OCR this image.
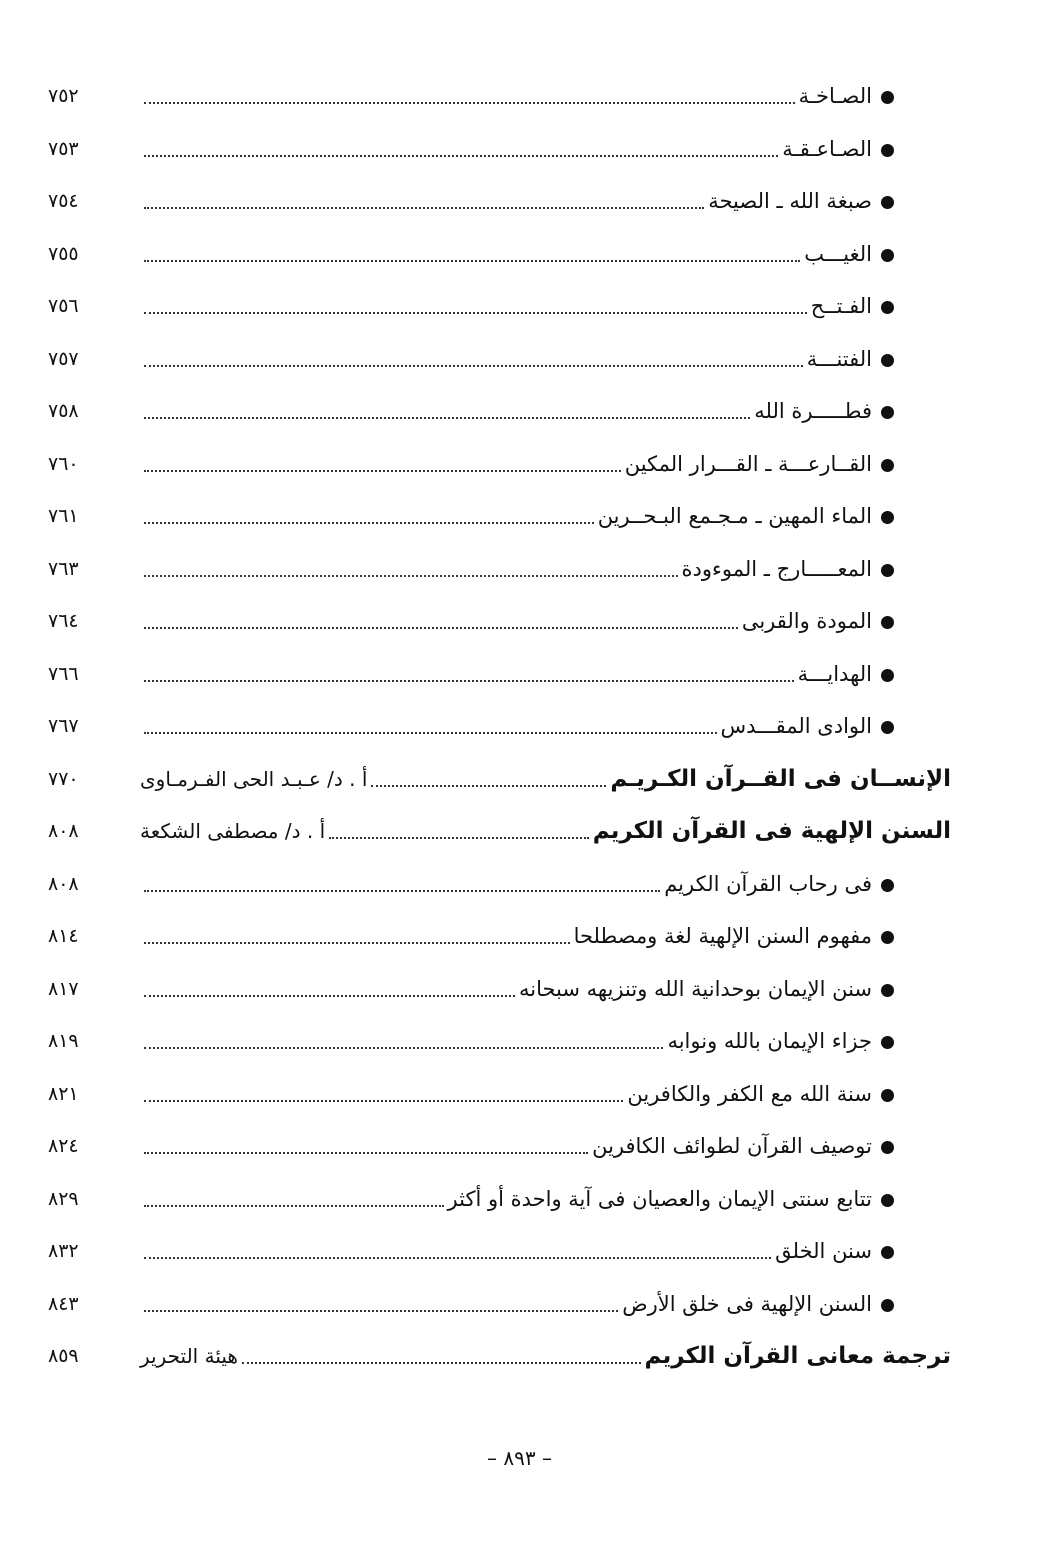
الصـاخـة
٧٥٢
الصـاعـقـة
٧٥٣
صبغة الله ـ الصيحة
٧٥٤
الغيـــب
٧٥٥
الفـتــح
٧٥٦
الفتنـــة
٧٥٧
فطـــــرة الله
٧٥٨
القــارعـــة ـ القـــرار المكين
٧٦٠
الماء المهين ـ مـجـمع البـحــرين
٧٦١
المعـــــارج ـ الموءودة
٧٦٣
المودة والقربى
٧٦٤
الهدايـــة
٧٦٦
الوادى المقـــدس
٧٦٧
الإنســان فى القــرآن الكـريـم
أ . د/ عـبـد الحى الفـرمـاوى
٧٧٠
السنن الإلهية فى القرآن الكريم
أ . د/ مصطفى الشكعة
٨٠٨
فى رحاب القرآن الكريم
٨٠٨
مفهوم السنن الإلهية لغة ومصطلحا
٨١٤
سنن الإيمان بوحدانية الله وتنزيهه سبحانه
٨١٧
جزاء الإيمان بالله ونوابه
٨١٩
سنة الله مع الكفر والكافرين
٨٢١
توصيف القرآن لطوائف الكافرين
٨٢٤
تتابع سنتى الإيمان والعصيان فى آية واحدة أو أكثر
٨٢٩
سنن الخلق
٨٣٢
السنن الإلهية فى خلق الأرض
٨٤٣
ترجمة معانى القرآن الكريم
هيئة التحرير
٨٥٩
– ٨٩٣ –
